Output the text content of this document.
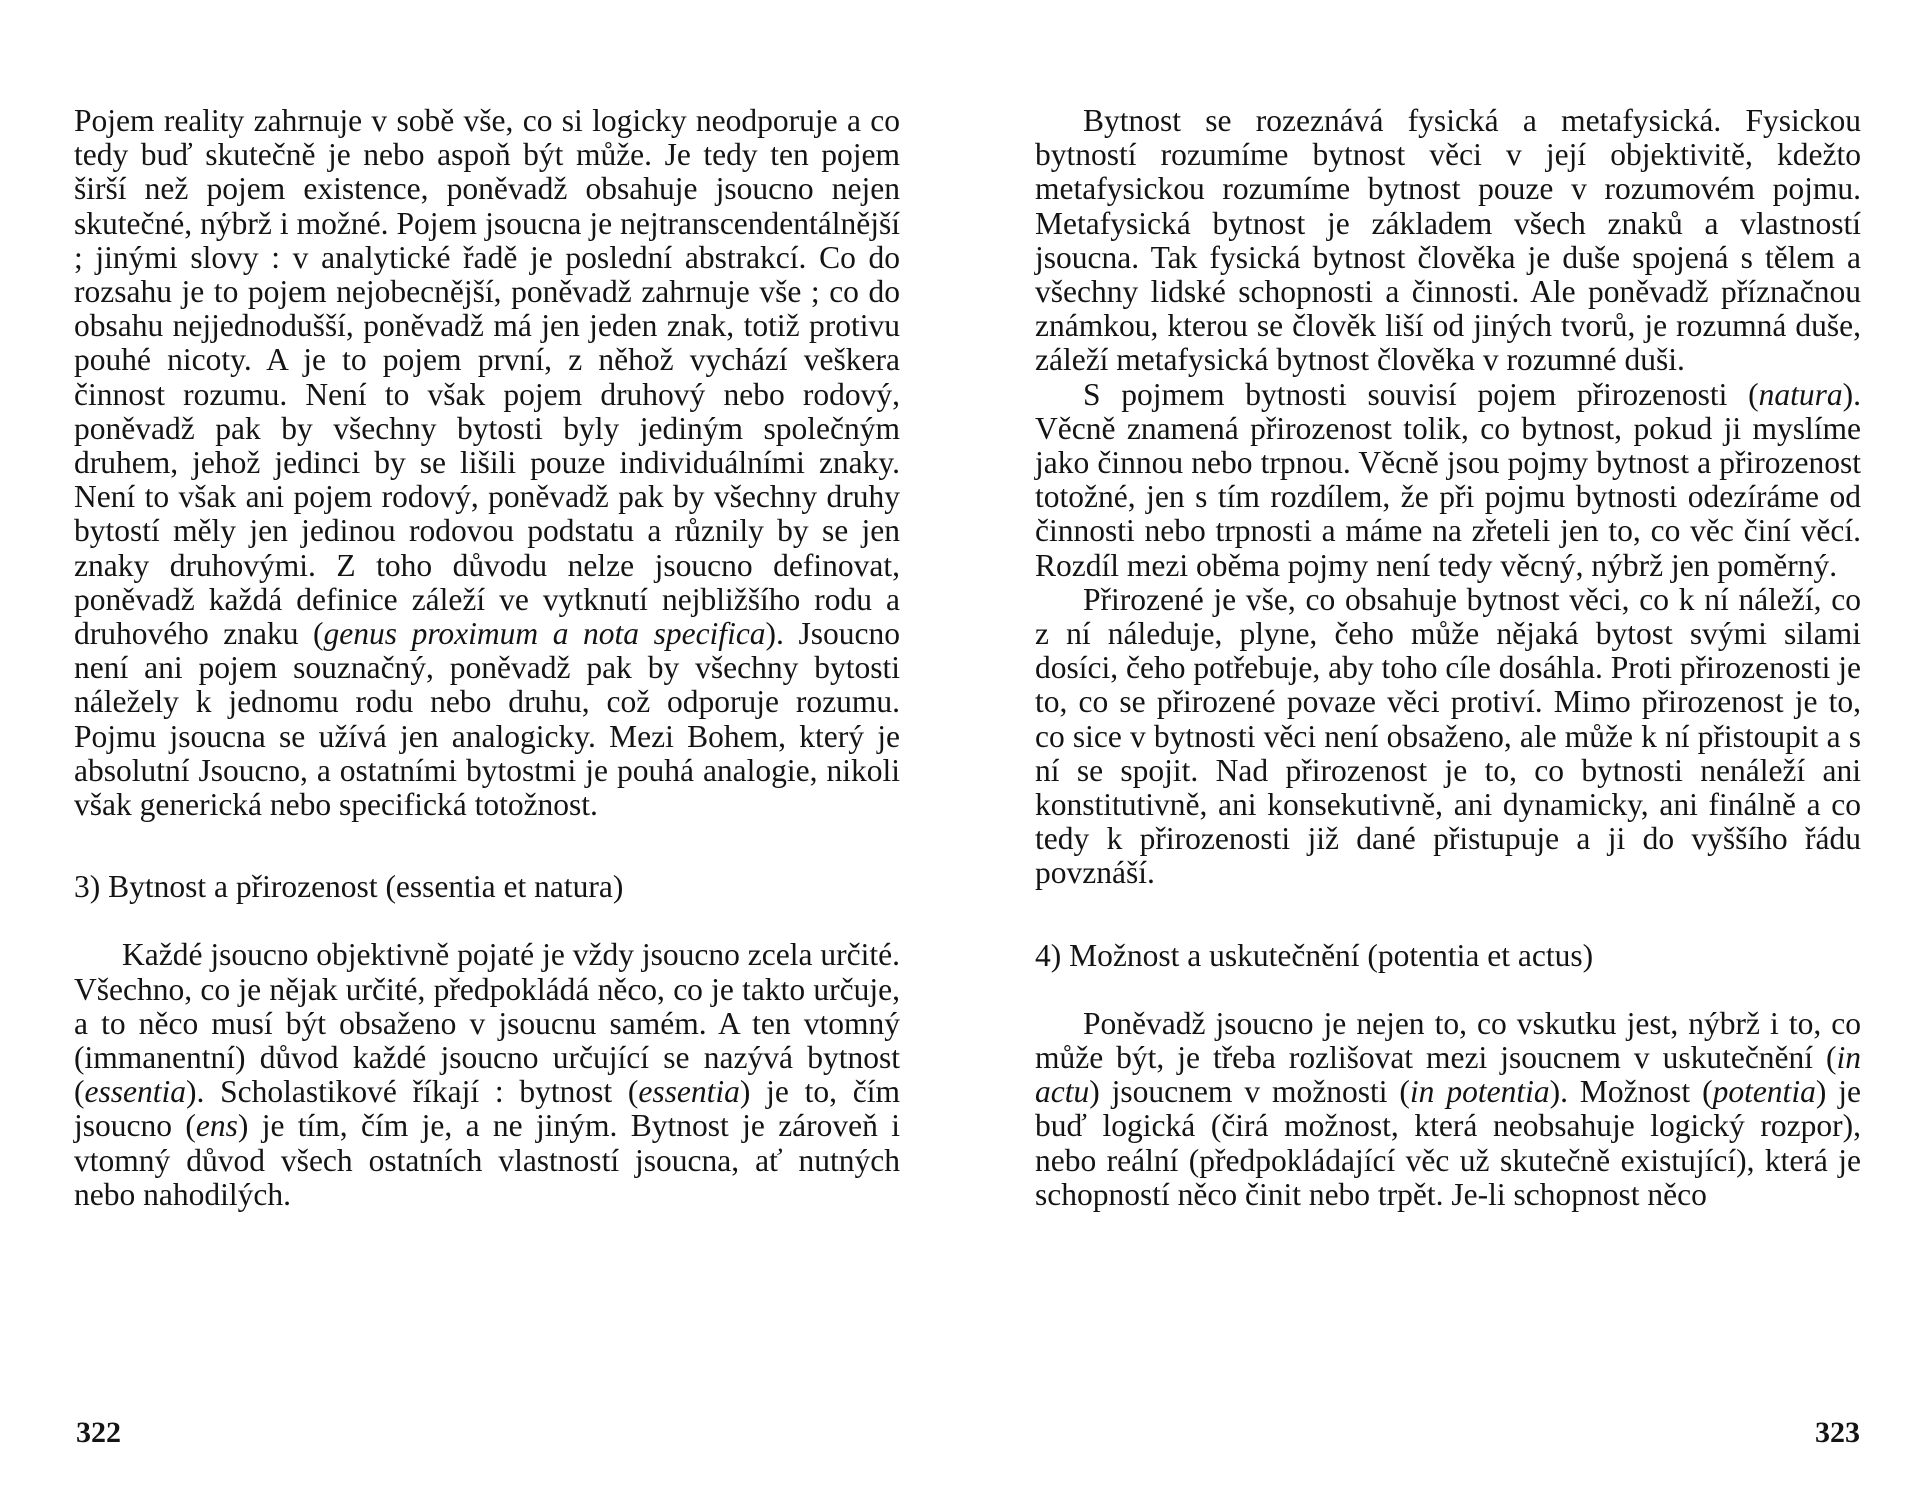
Pojem reality zahrnuje v sobě vše, co si logicky neodporuje a co tedy buď skutečně je nebo aspoň být může. Je tedy ten pojem širší než pojem existence, poněvadž obsahuje jsoucno nejen skutečné, nýbrž i možné. Pojem jsoucna je nejtranscendentálnější ; jinými slovy : v analytické řadě je poslední abstrakcí. Co do rozsahu je to pojem nejobecnější, poněvadž zahrnuje vše ; co do obsahu nejjednodušší, poněvadž má jen jeden znak, totiž protivu pouhé nicoty. A je to pojem první, z něhož vychází veškera činnost rozumu. Není to však pojem druhový nebo rodový, poněvadž pak by všechny bytosti byly jediným společným druhem, jehož jedinci by se lišili pouze individuálními znaky. Není to však ani pojem rodový, poněvadž pak by všechny druhy bytostí měly jen jedinou rodovou podstatu a různily by se jen znaky druhovými. Z toho důvodu nelze jsoucno definovat, poněvadž každá definice záleží ve vytknutí nejbližšího rodu a druhového znaku (genus proximum a nota specifica). Jsoucno není ani pojem souznačný, poněvadž pak by všechny bytosti náležely k jednomu rodu nebo druhu, což odporuje rozumu. Pojmu jsoucna se užívá jen analogicky. Mezi Bohem, který je absolutní Jsoucno, a ostatními bytostmi je pouhá analogie, nikoli však generická nebo specifická totožnost.

3) Bytnost a přirozenost (essentia et natura)

Každé jsoucno objektivně pojaté je vždy jsoucno zcela určité. Všechno, co je nějak určité, předpokládá něco, co je takto určuje, a to něco musí být obsaženo v jsoucnu samém. A ten vtomný (immanentní) důvod každé jsoucno určující se nazývá bytnost (essentia). Scholastikové říkají : bytnost (essentia) je to, čím jsoucno (ens) je tím, čím je, a ne jiným. Bytnost je zároveň i vtomný důvod všech ostatních vlastností jsoucna, ať nutných nebo nahodilých.

322

Bytnost se rozeznává fysická a metafysická. Fysickou bytností rozumíme bytnost věci v její objektivitě, kdežto metafysickou rozumíme bytnost pouze v rozumovém pojmu. Metafysická bytnost je základem všech znaků a vlastností jsoucna. Tak fysická bytnost člověka je duše spojená s tělem a všechny lidské schopnosti a činnosti. Ale poněvadž příznačnou známkou, kterou se člověk liší od jiných tvorů, je rozumná duše, záleží metafysická bytnost člověka v rozumné duši.

S pojmem bytnosti souvisí pojem přirozenosti (natura). Věcně znamená přirozenost tolik, co bytnost, pokud ji myslíme jako činnou nebo trpnou. Věcně jsou pojmy bytnost a přirozenost totožné, jen s tím rozdílem, že při pojmu bytnosti odezíráme od činnosti nebo trpnosti a máme na zřeteli jen to, co věc činí věcí. Rozdíl mezi oběma pojmy není tedy věcný, nýbrž jen poměrný.

Přirozené je vše, co obsahuje bytnost věci, co k ní náleží, co z ní náleduje, plyne, čeho může nějaká bytost svými silami dosíci, čeho potřebuje, aby toho cíle dosáhla. Proti přirozenosti je to, co se přirozené povaze věci protiví. Mimo přirozenost je to, co sice v bytnosti věci není obsaženo, ale může k ní přistoupit a s ní se spojit. Nad přirozenost je to, co bytnosti nenáleží ani konstitutivně, ani konsekutivně, ani dynamicky, ani finálně a co tedy k přirozenosti již dané přistupuje a ji do vyššího řádu povznáší.

4) Možnost a uskutečnění (potentia et actus)

Poněvadž jsoucno je nejen to, co vskutku jest, nýbrž i to, co může být, je třeba rozlišovat mezi jsoucnem v uskutečnění (in actu) jsoucnem v možnosti (in potentia). Možnost (potentia) je buď logická (čirá možnost, která neobsahuje logický rozpor), nebo reální (předpokládající věc už skutečně existující), která je schopností něco činit nebo trpět. Je-li schopnost něco

323
